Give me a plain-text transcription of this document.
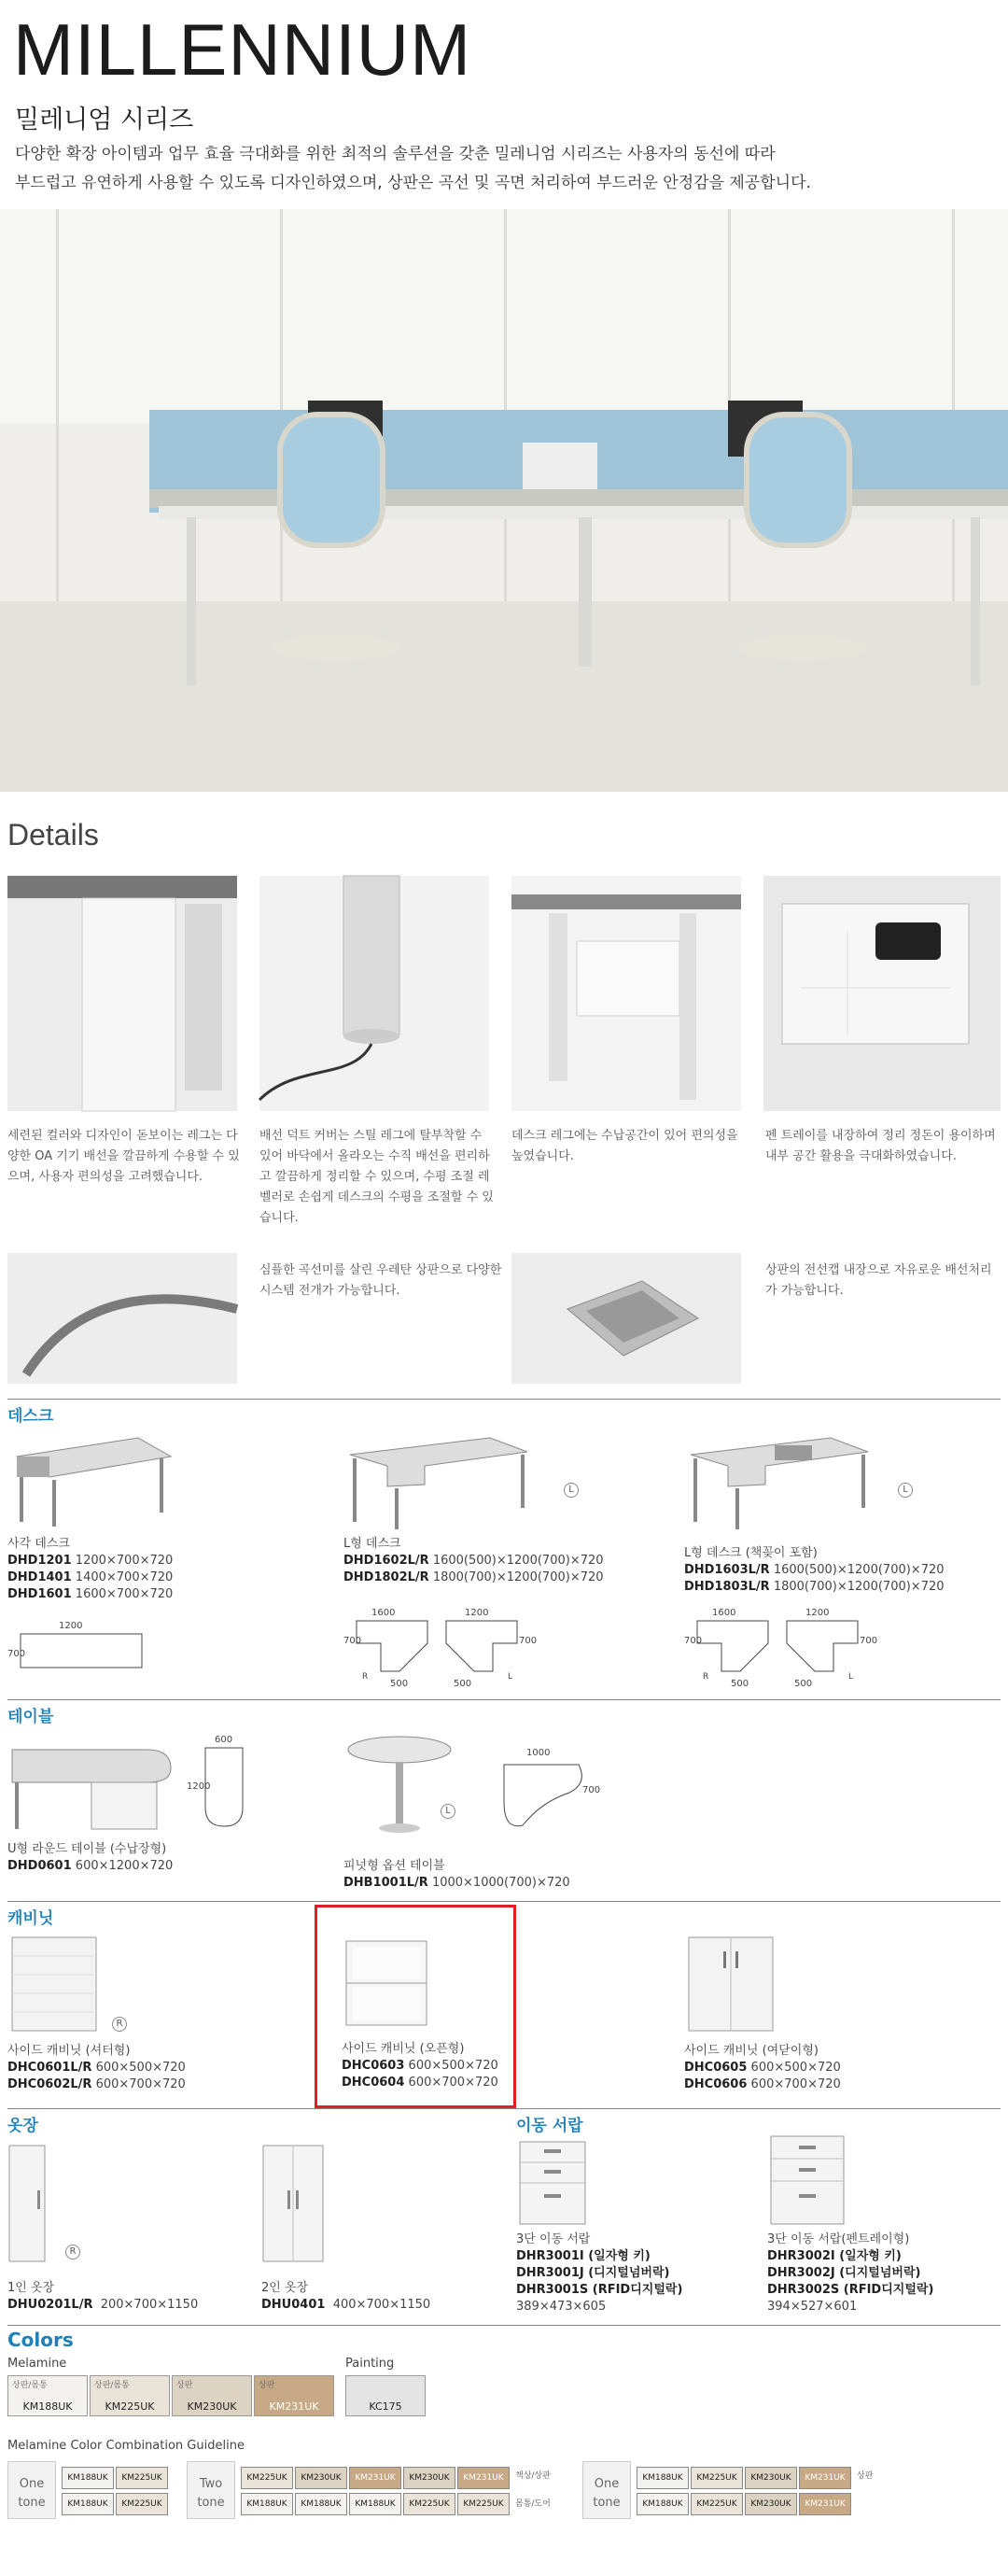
MILLENNIUM
밀레니엄 시리즈
다양한 확장 아이템과 업무 효율 극대화를 위한 최적의 솔루션을 갖춘 밀레니엄 시리즈는 사용자의 동선에 따라
부드럽고 유연하게 사용할 수 있도록 디자인하였으며, 상판은 곡선 및 곡면 처리하여 부드러운 안정감을 제공합니다.
Details
세련된 컬러와 디자인이 돋보이는 레그는 다양한 OA 기기 배선을 깔끔하게 수용할 수 있으며, 사용자 편의성을 고려했습니다.
배선 덕트 커버는 스틸 레그에 탈부착할 수 있어 바닥에서 올라오는 수직 배선을 편리하고 깔끔하게 정리할 수 있으며, 수평 조절 레벨러로 손쉽게 데스크의 수평을 조절할 수 있습니다.
데스크 레그에는 수납공간이 있어 편의성을 높였습니다.
펜 트레이를 내장하여 정리 정돈이 용이하며 내부 공간 활용을 극대화하였습니다.
심플한 곡선미를 살린 우레탄 상판으로 다양한 시스템 전개가 가능합니다.
상판의 전선캡 내장으로 자유로운 배선처리가 가능합니다.
데스크
사각 데스크
DHD1201 1200×700×720
DHD1401 1400×700×720
DHD1601 1600×700×720
1200
700
L
L형 데스크
DHD1602L/R 1600(500)×1200(700)×720
DHD1802L/R 1800(700)×1200(700)×720
1600
700
500
1200
700
500
R	L
L
L형 데스크 (책꽂이 포함)
DHD1603L/R 1600(500)×1200(700)×720
DHD1803L/R 1800(700)×1200(700)×720
1600
700
500
1200
700
500
R	L
테이블
600
1200
U형 라운드 테이블 (수납장형)
DHD0601 600×1200×720
L
1000
700
피넛형 옵션 테이블
DHB1001L/R 1000×1000(700)×720
캐비닛
R
사이드 캐비닛 (셔터형)
DHC0601L/R 600×500×720
DHC0602L/R 600×700×720
사이드 캐비닛 (오픈형)
DHC0603 600×500×720
DHC0604 600×700×720
사이드 캐비닛 (여닫이형)
DHC0605 600×500×720
DHC0606 600×700×720
옷장	이동 서랍
R
1인 옷장
DHU0201L/R 200×700×1150
2인 옷장
DHU0401 400×700×1150
3단 이동 서랍
DHR3001I (일자형 키)
DHR3001J (디지털넘버락)
DHR3001S (RFID디지털락)
389×473×605
3단 이동 서랍(펜트레이형)
DHR3002I (일자형 키)
DHR3002J (디지털넘버락)
DHR3002S (RFID디지털락)
394×527×601
Colors
Melamine	Painting
상판/몸통
KM188UK
상판/몸통
KM225UK
상판
KM230UK
상판
KM231UK	KC175
Melamine Color Combination Guideline
One tone
KM188UK	KM225UK
KM188UK	KM225UK
Two tone
KM225UK	KM230UK	KM231UK	KM230UK	KM231UK
KM188UK	KM188UK	KM188UK	KM225UK	KM225UK
책상/상판
몸통/도어
One tone
KM188UK	KM225UK	KM230UK	KM231UK
KM188UK	KM225UK	KM230UK	KM231UK
상판
